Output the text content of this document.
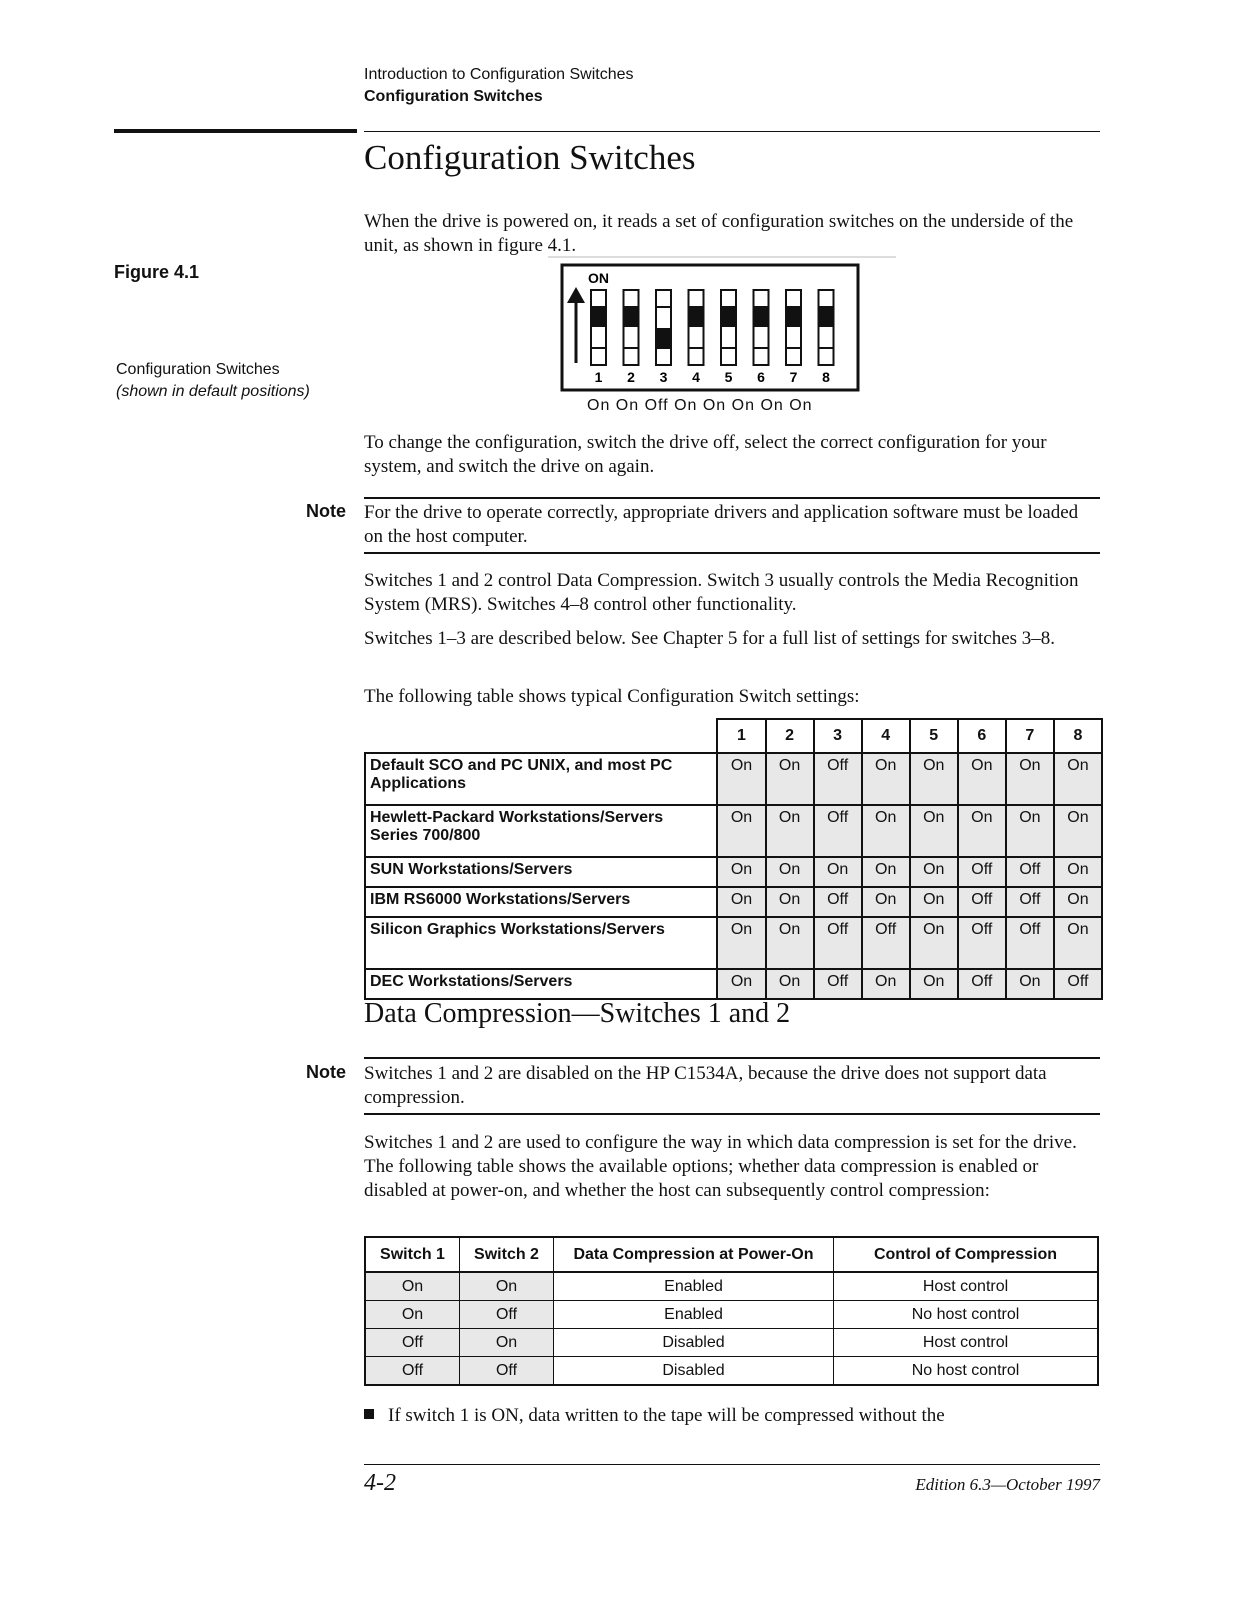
Introduction to Configuration Switches
Configuration Switches
Configuration Switches
When the drive is powered on, it reads a set of configuration switches on the underside of the unit, as shown in figure 4.1.
Figure 4.1
Configuration Switches
(shown in default positions)
ON
1 2 3 4 5 6 7 8
On On Off On On On On On
To change the configuration, switch the drive off, select the correct configuration for your system, and switch the drive on again.
Note For the drive to operate correctly, appropriate drivers and application software must be loaded on the host computer.
Switches 1 and 2 control Data Compression. Switch 3 usually controls the Media Recognition System (MRS). Switches 4–8 control other functionality.
Switches 1–3 are described below. See Chapter 5 for a full list of settings for switches 3–8.
The following table shows typical Configuration Switch settings:
	1	2	3	4	5	6	7	8
Default SCO and PC UNIX, and most PC Applications	On	On	Off	On	On	On	On	On
Hewlett-Packard Workstations/Servers Series 700/800	On	On	Off	On	On	On	On	On
SUN Workstations/Servers	On	On	On	On	On	Off	Off	On
IBM RS6000 Workstations/Servers	On	On	Off	On	On	Off	Off	On
Silicon Graphics Workstations/Servers	On	On	Off	Off	On	Off	Off	On
DEC Workstations/Servers	On	On	Off	On	On	Off	On	Off
Data Compression—Switches 1 and 2
Note Switches 1 and 2 are disabled on the HP C1534A, because the drive does not support data compression.
Switches 1 and 2 are used to configure the way in which data compression is set for the drive. The following table shows the available options; whether data compression is enabled or disabled at power-on, and whether the host can subsequently control compression:
Switch 1	Switch 2	Data Compression at Power-On	Control of Compression
On	On	Enabled	Host control
On	Off	Enabled	No host control
Off	On	Disabled	Host control
Off	Off	Disabled	No host control
If switch 1 is ON, data written to the tape will be compressed without the
4-2	Edition 6.3—October 1997
